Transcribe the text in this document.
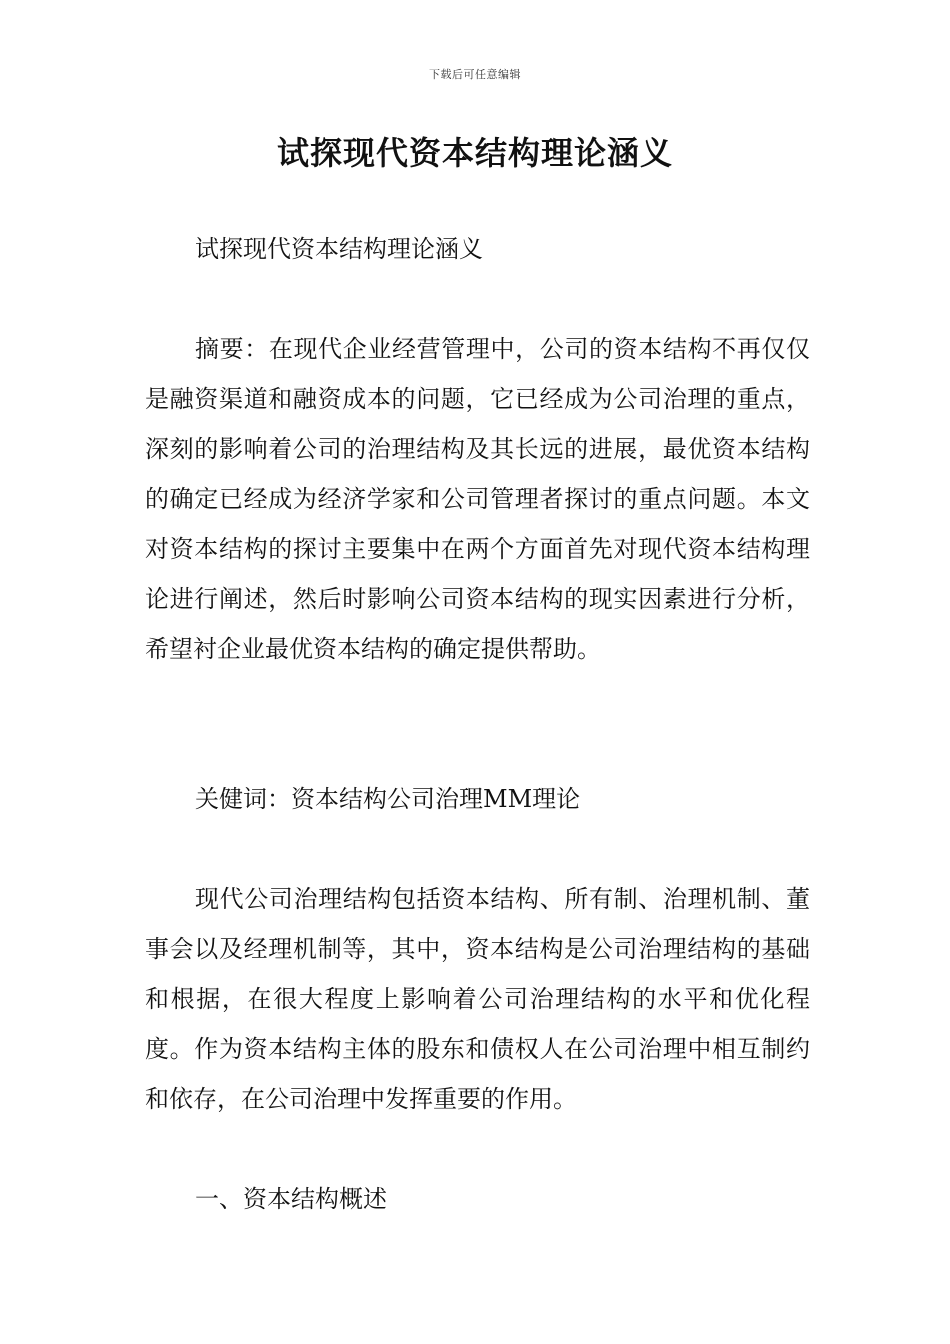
下载后可任意编辑
试探现代资本结构理论涵义

试探现代资本结构理论涵义

摘要：在现代企业经营管理中，公司的资本结构不再仅仅是融资渠道和融资成本的问题，它已经成为公司治理的重点，深刻的影响着公司的治理结构及其长远的进展，最优资本结构的确定已经成为经济学家和公司管理者探讨的重点问题。本文对资本结构的探讨主要集中在两个方面首先对现代资本结构理论进行阐述，然后时影响公司资本结构的现实因素进行分析，希望衬企业最优资本结构的确定提供帮助。

关健词：资本结构公司治理MM理论

现代公司治理结构包括资本结构、所有制、治理机制、董事会以及经理机制等，其中，资本结构是公司治理结构的基础和根据，在很大程度上影响着公司治理结构的水平和优化程度。作为资本结构主体的股东和债权人在公司治理中相互制约和依存，在公司治理中发挥重要的作用。

一、资本结构概述
